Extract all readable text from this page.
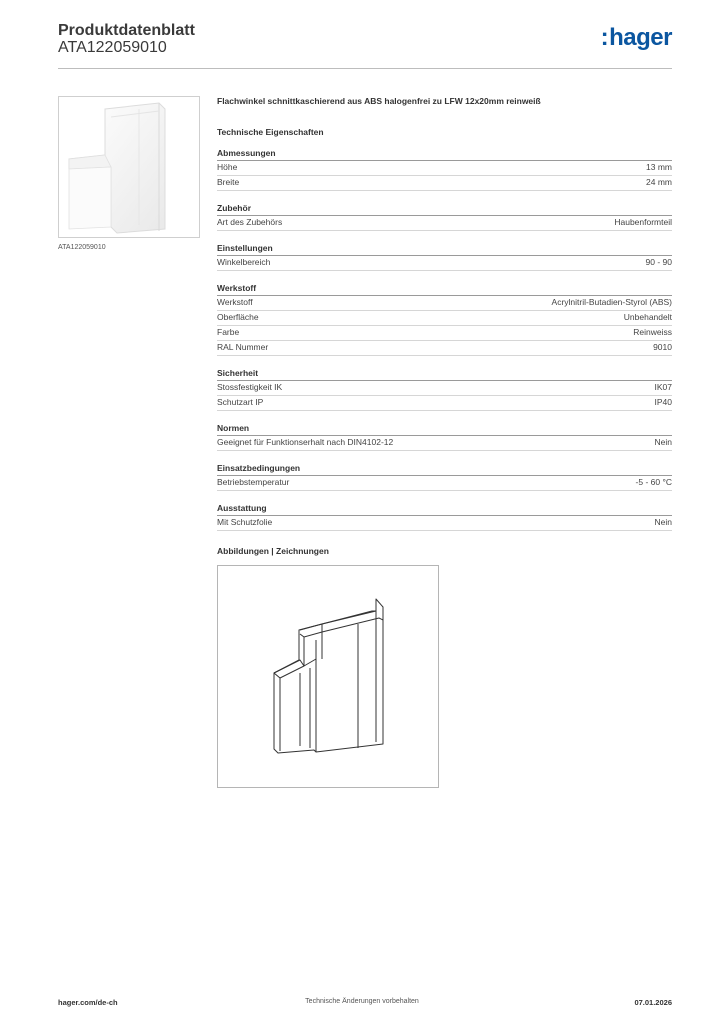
Produktdatenblatt
ATA122059010	:hager
ATA122059010
Flachwinkel schnittkaschierend aus ABS halogenfrei zu LFW 12x20mm reinweiß
Technische Eigenschaften
Abmessungen
Höhe	13 mm
Breite	24 mm
Zubehör
Art des Zubehörs	Haubenformteil
Einstellungen
Winkelbereich	90 - 90
Werkstoff
Werkstoff	Acrylnitril-Butadien-Styrol (ABS)
Oberfläche	Unbehandelt
Farbe	Reinweiss
RAL Nummer	9010
Sicherheit
Stossfestigkeit IK	IK07
Schutzart IP	IP40
Normen
Geeignet für Funktionserhalt nach DIN4102-12	Nein
Einsatzbedingungen
Betriebstemperatur	-5 - 60 °C
Ausstattung
Mit Schutzfolie	Nein
Abbildungen | Zeichnungen
hager.com/de-ch	Technische Änderungen vorbehalten	07.01.2026
